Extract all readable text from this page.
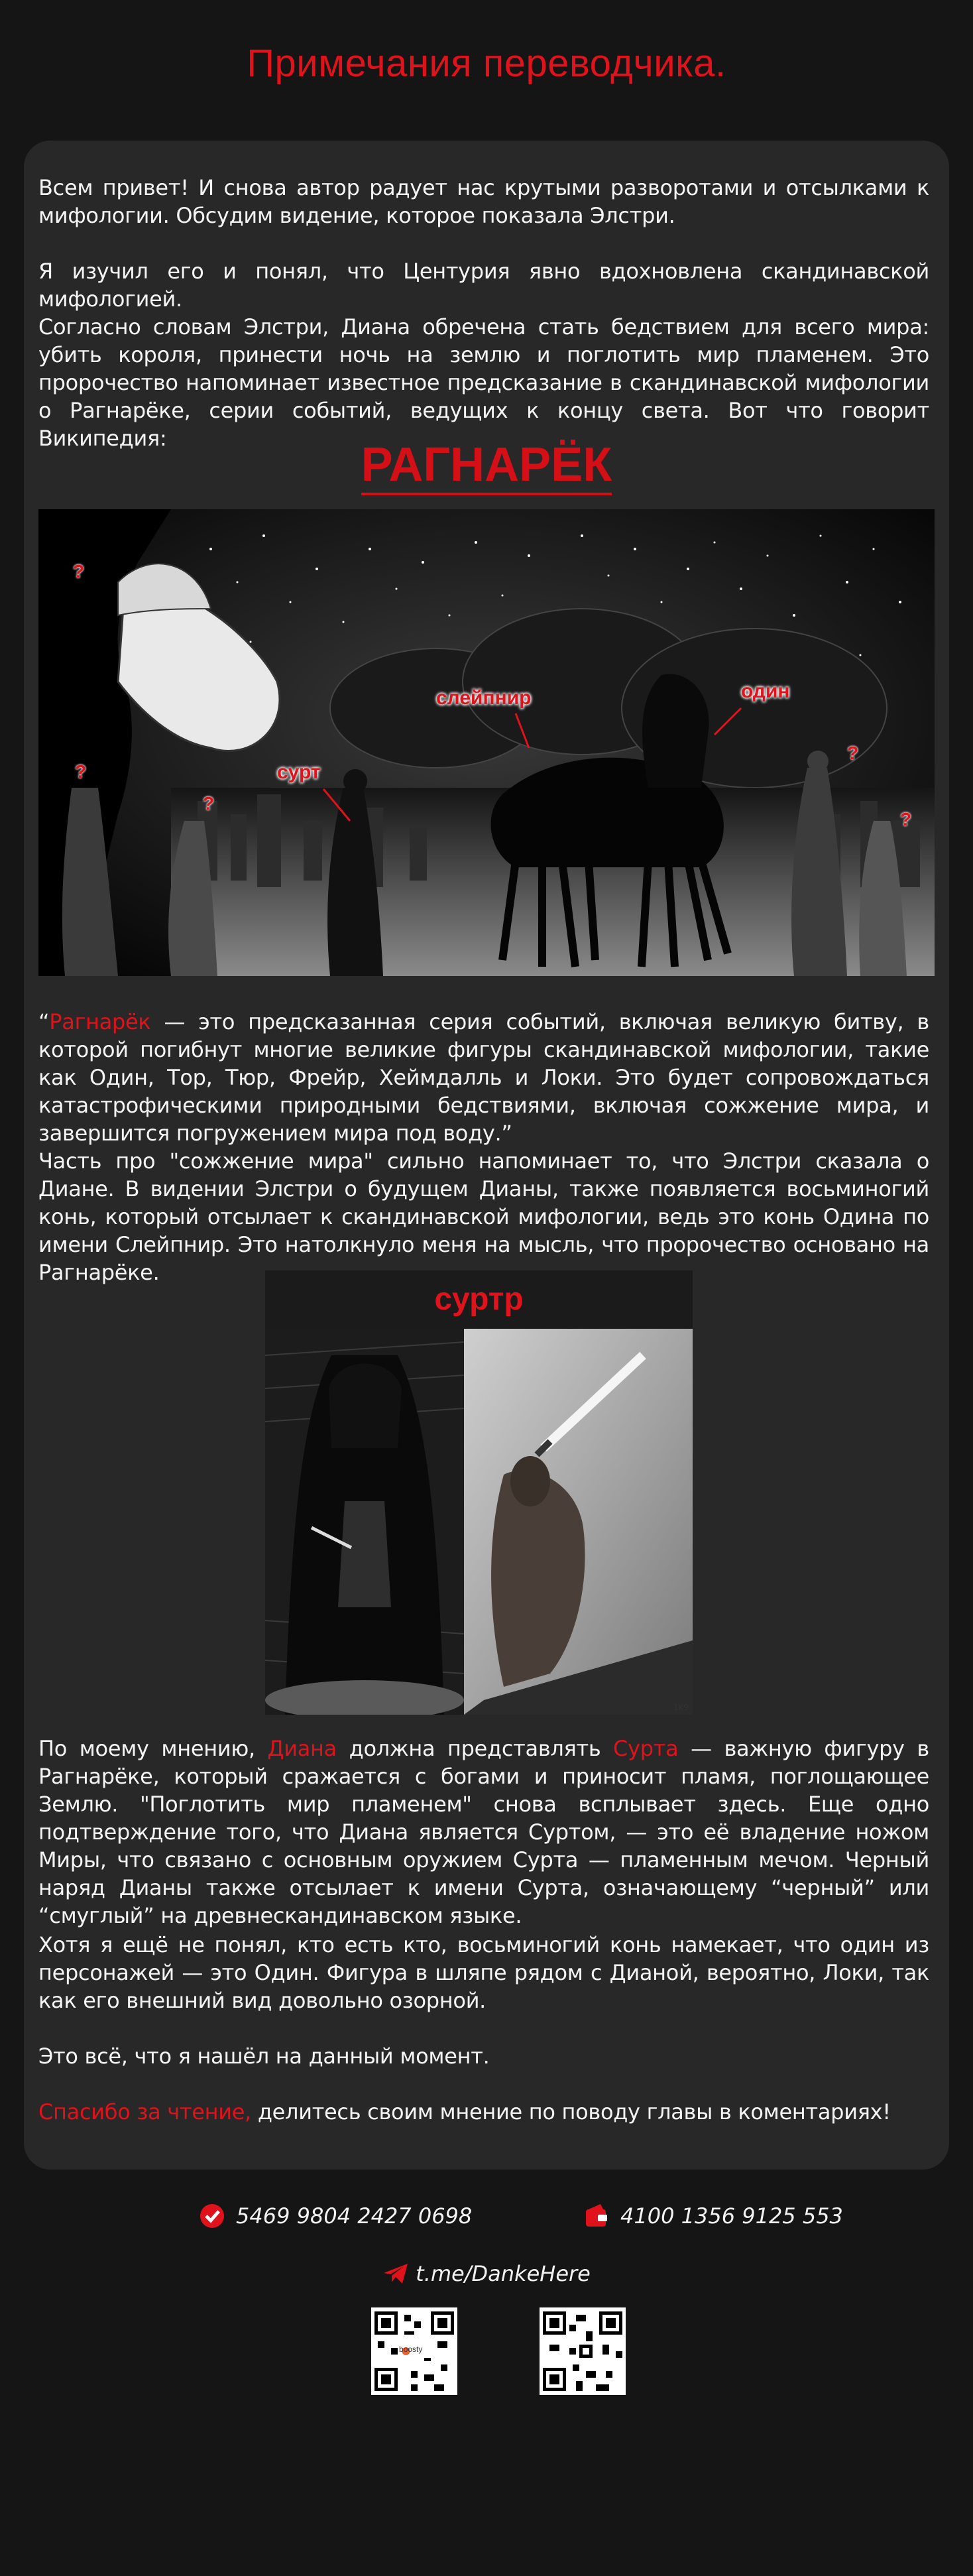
Примечания переводчика.
Всем привет! И снова автор радует нас крутыми разворотами и отсылками к мифологии. Обсудим видение, которое показала Элстри.
Я изучил его и понял, что Центурия явно вдохновлена скандинавской мифологией.
Согласно словам Элстри, Диана обречена стать бедствием для всего мира: убить короля, принести ночь на землю и поглотить мир пламенем. Это пророчество напоминает известное предсказание в скандинавской мифологии о Рагнарёке, серии событий, ведущих к концу света. Вот что говорит Википедия:	РАГНАРЁК
слейпнир	один
сурт
?
?
?
?
?
“Рагнарёк — это предсказанная серия событий, включая великую битву, в которой погибнут многие великие фигуры скандинавской мифологии, такие как Один, Тор, Тюр, Фрейр, Хеймдалль и Локи. Это будет сопровождаться катастрофическими природными бедствиями, включая сожжение мира, и завершится погружением мира под воду.”
Часть про "сожжение мира" сильно напоминает то, что Элстри сказала о Диане. В видении Элстри о будущем Дианы, также появляется восьминогий конь, который отсылает к скандинавской мифологии, ведь это конь Одина по имени Слейпнир. Это натолкнуло меня на мысль, что пророчество основано на Рагнарёке.
суртр
1K9
По моему мнению, Диана должна представлять Сурта — важную фигуру в Рагнарёке, который сражается с богами и приносит пламя, поглощающее Землю. "Поглотить мир пламенем" снова всплывает здесь. Еще одно подтверждение того, что Диана является Суртом, — это её владение ножом Миры, что связано с основным оружием Сурта — пламенным мечом. Черный наряд Дианы также отсылает к имени Сурта, означающему “черный” или “смуглый” на древнескандинавском языке.
Хотя я ещё не понял, кто есть кто, восьминогий конь намекает, что один из персонажей — это Один. Фигура в шляпе рядом с Дианой, вероятно, Локи, так как его внешний вид довольно озорной.
Это всё, что я нашёл на данный момент.
Спасибо за чтение, делитесь своим мнение по поводу главы в коментариях!
5469 9804 2427 0698	4100 1356 9125 553
t.me/DankeHere
boosty
